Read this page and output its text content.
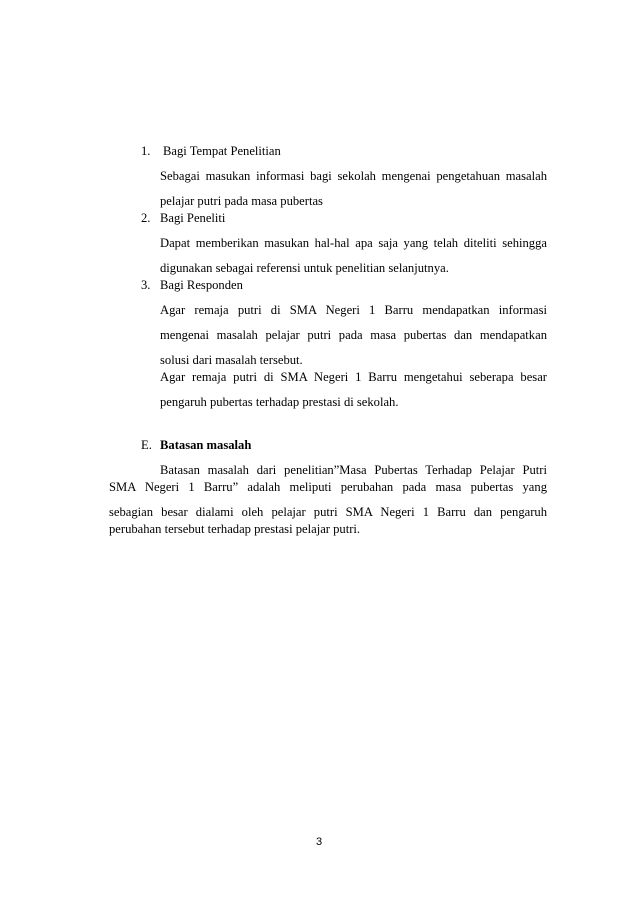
1. Bagi Tempat Penelitian
Sebagai masukan informasi bagi sekolah mengenai pengetahuan masalah
pelajar putri pada masa pubertas
2. Bagi Peneliti
Dapat memberikan masukan hal-hal apa saja yang telah diteliti sehingga
digunakan sebagai referensi untuk penelitian selanjutnya.
3. Bagi Responden
Agar remaja putri di SMA Negeri 1 Barru mendapatkan informasi
mengenai masalah pelajar putri pada masa pubertas dan mendapatkan
solusi dari masalah tersebut.
Agar remaja putri di SMA Negeri 1 Barru mengetahui seberapa besar
pengaruh pubertas terhadap prestasi di sekolah.
E. Batasan masalah
Batasan masalah dari penelitian”Masa Pubertas Terhadap Pelajar Putri
SMA Negeri 1 Barru” adalah meliputi perubahan pada masa pubertas yang
sebagian besar dialami oleh pelajar putri SMA Negeri 1 Barru dan pengaruh
perubahan tersebut terhadap prestasi pelajar putri.
3
